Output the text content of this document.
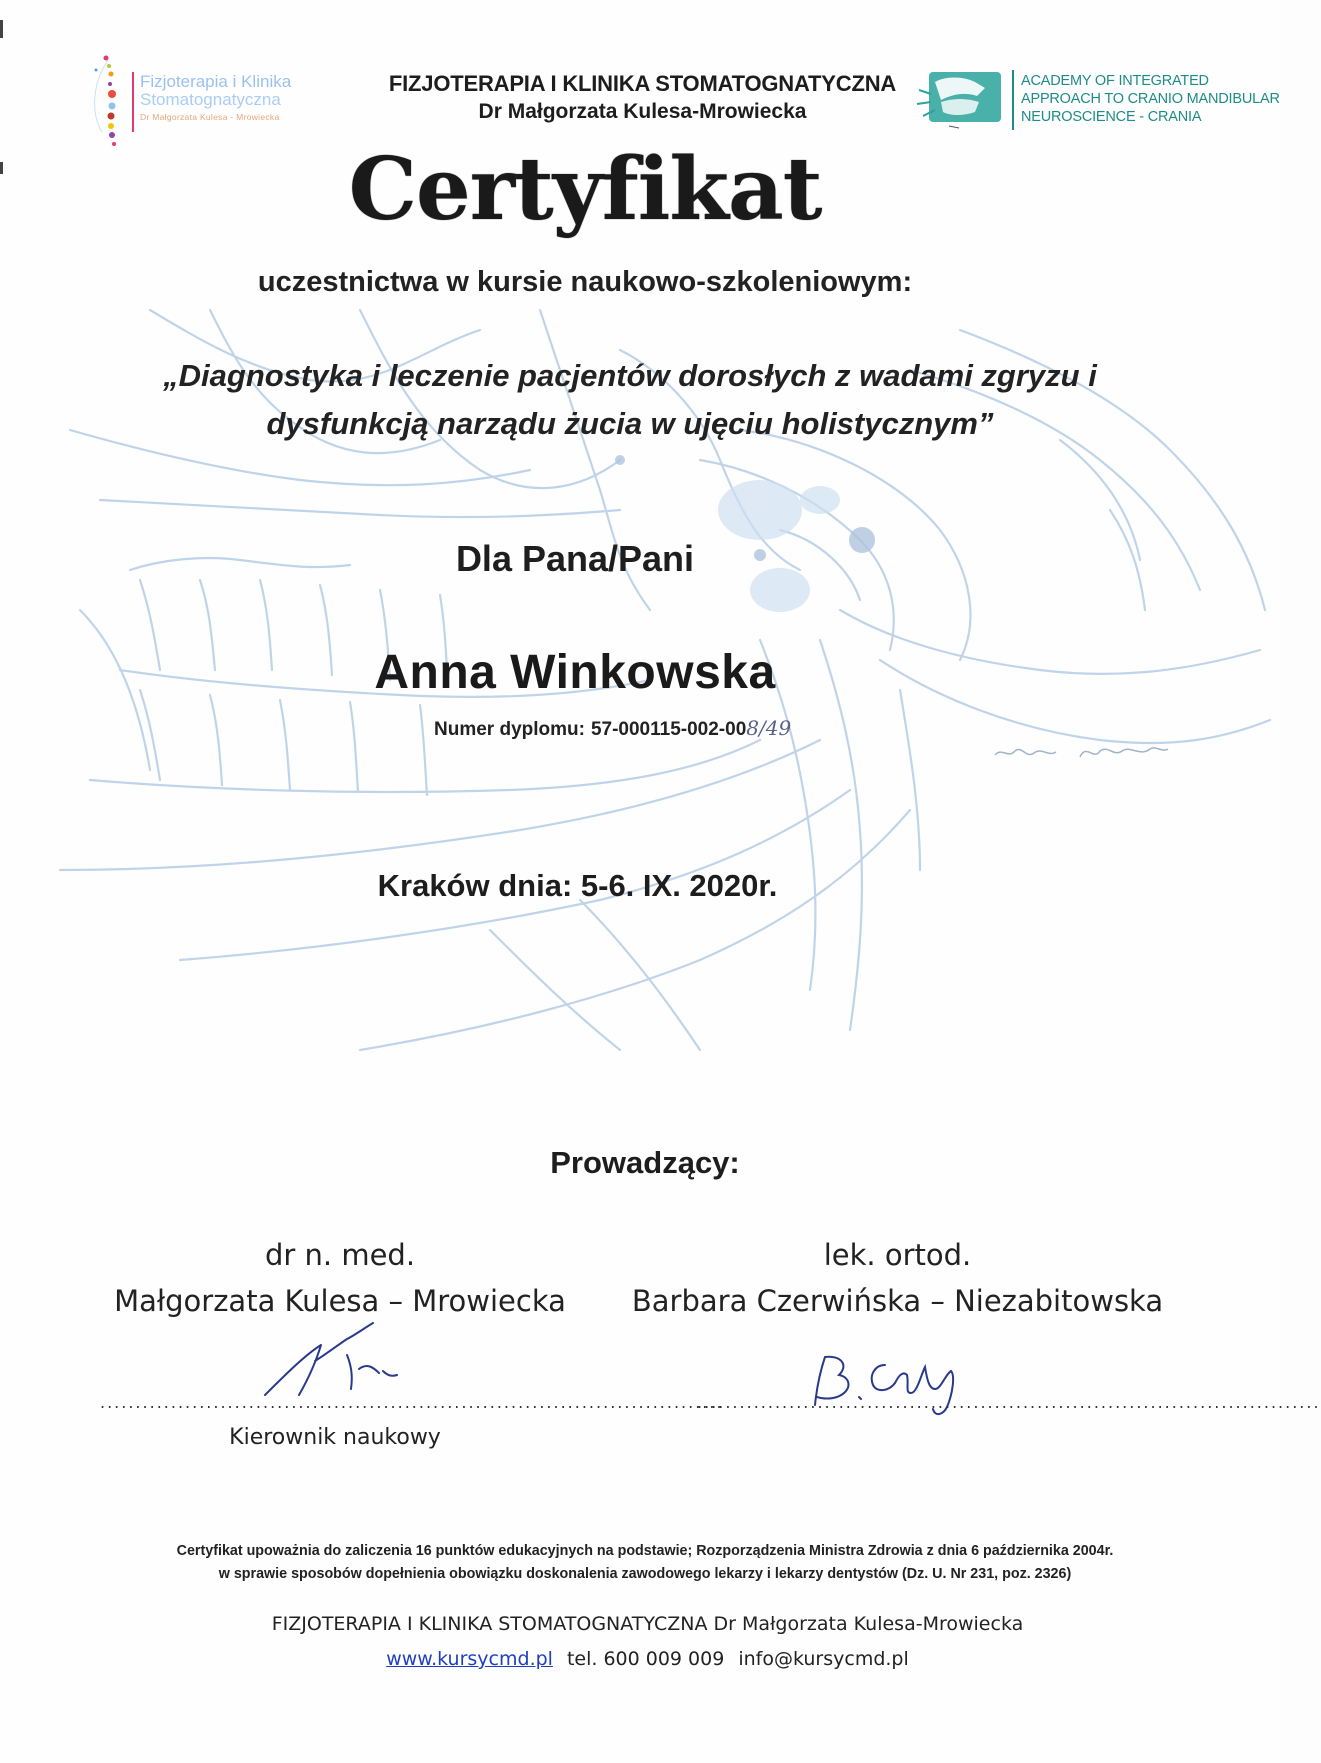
Fizjoterapia i Klinika
Stomatognatyczna
Dr Małgorzata Kulesa - Mrowiecka
FIZJOTERAPIA I KLINIKA STOMATOGNATYCZNA
Dr Małgorzata Kulesa-Mrowiecka
ACADEMY OF INTEGRATED
APPROACH TO CRANIO MANDIBULAR
NEUROSCIENCE - CRANIA
Certyfikat
uczestnictwa w kursie naukowo-szkoleniowym:
„Diagnostyka i leczenie pacjentów dorosłych z wadami zgryzu i
dysfunkcją narządu żucia w ujęciu holistycznym”
Dla Pana/Pani
Anna Winkowska
Numer dyplomu: 57-000115-002-008/49
Kraków dnia: 5-6. IX. 2020r.
Prowadzący:
dr n. med.
Małgorzata Kulesa – Mrowiecka
lek. ortod.
Barbara Czerwińska – Niezabitowska
........................................................................................
........................................................................................
Kierownik naukowy
Certyfikat upoważnia do zaliczenia 16 punktów edukacyjnych na podstawie; Rozporządzenia Ministra Zdrowia z dnia 6 października 2004r.
w sprawie sposobów dopełnienia obowiązku doskonalenia zawodowego lekarzy i lekarzy dentystów (Dz. U. Nr 231, poz. 2326)
FIZJOTERAPIA I KLINIKA STOMATOGNATYCZNA Dr Małgorzata Kulesa-Mrowiecka
www.kursycmd.pl tel. 600 009 009 info@kursycmd.pl
